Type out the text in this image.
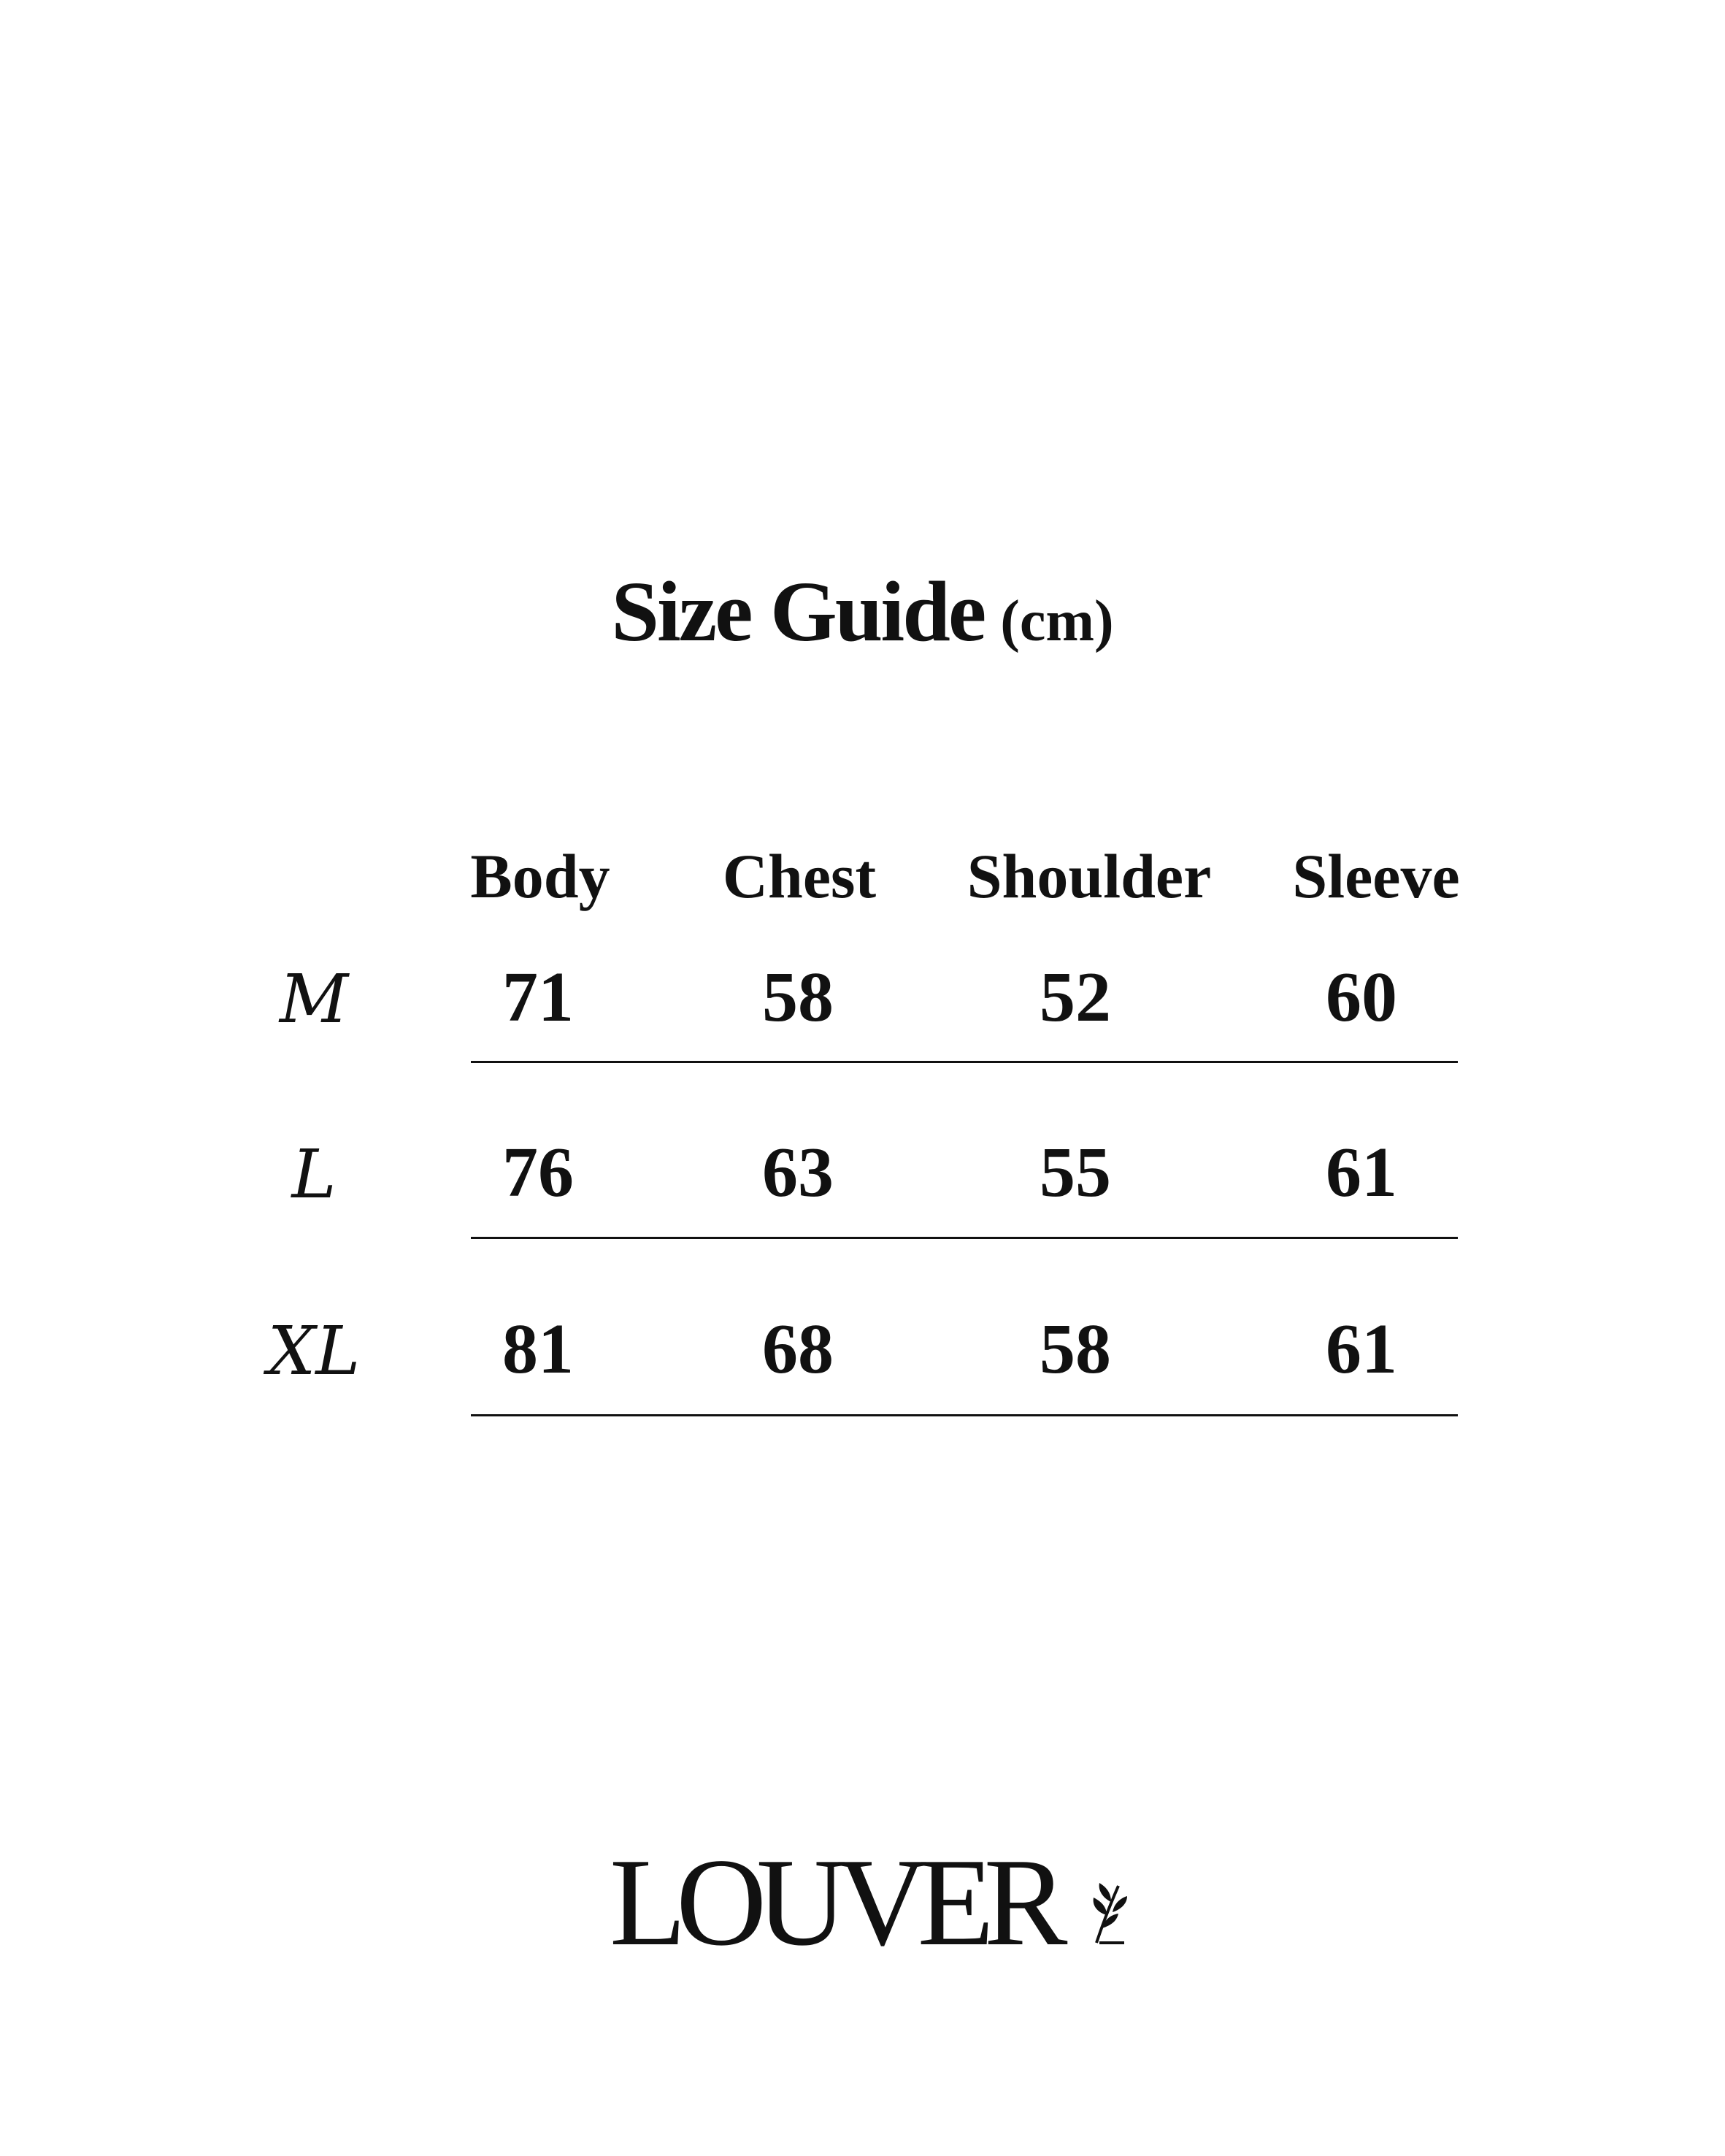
Size Guide (cm)
Body Chest Shoulder Sleeve
M 71	58	52	60
L 76	63	55	61
XL 81	68	58	61
LOUVER
